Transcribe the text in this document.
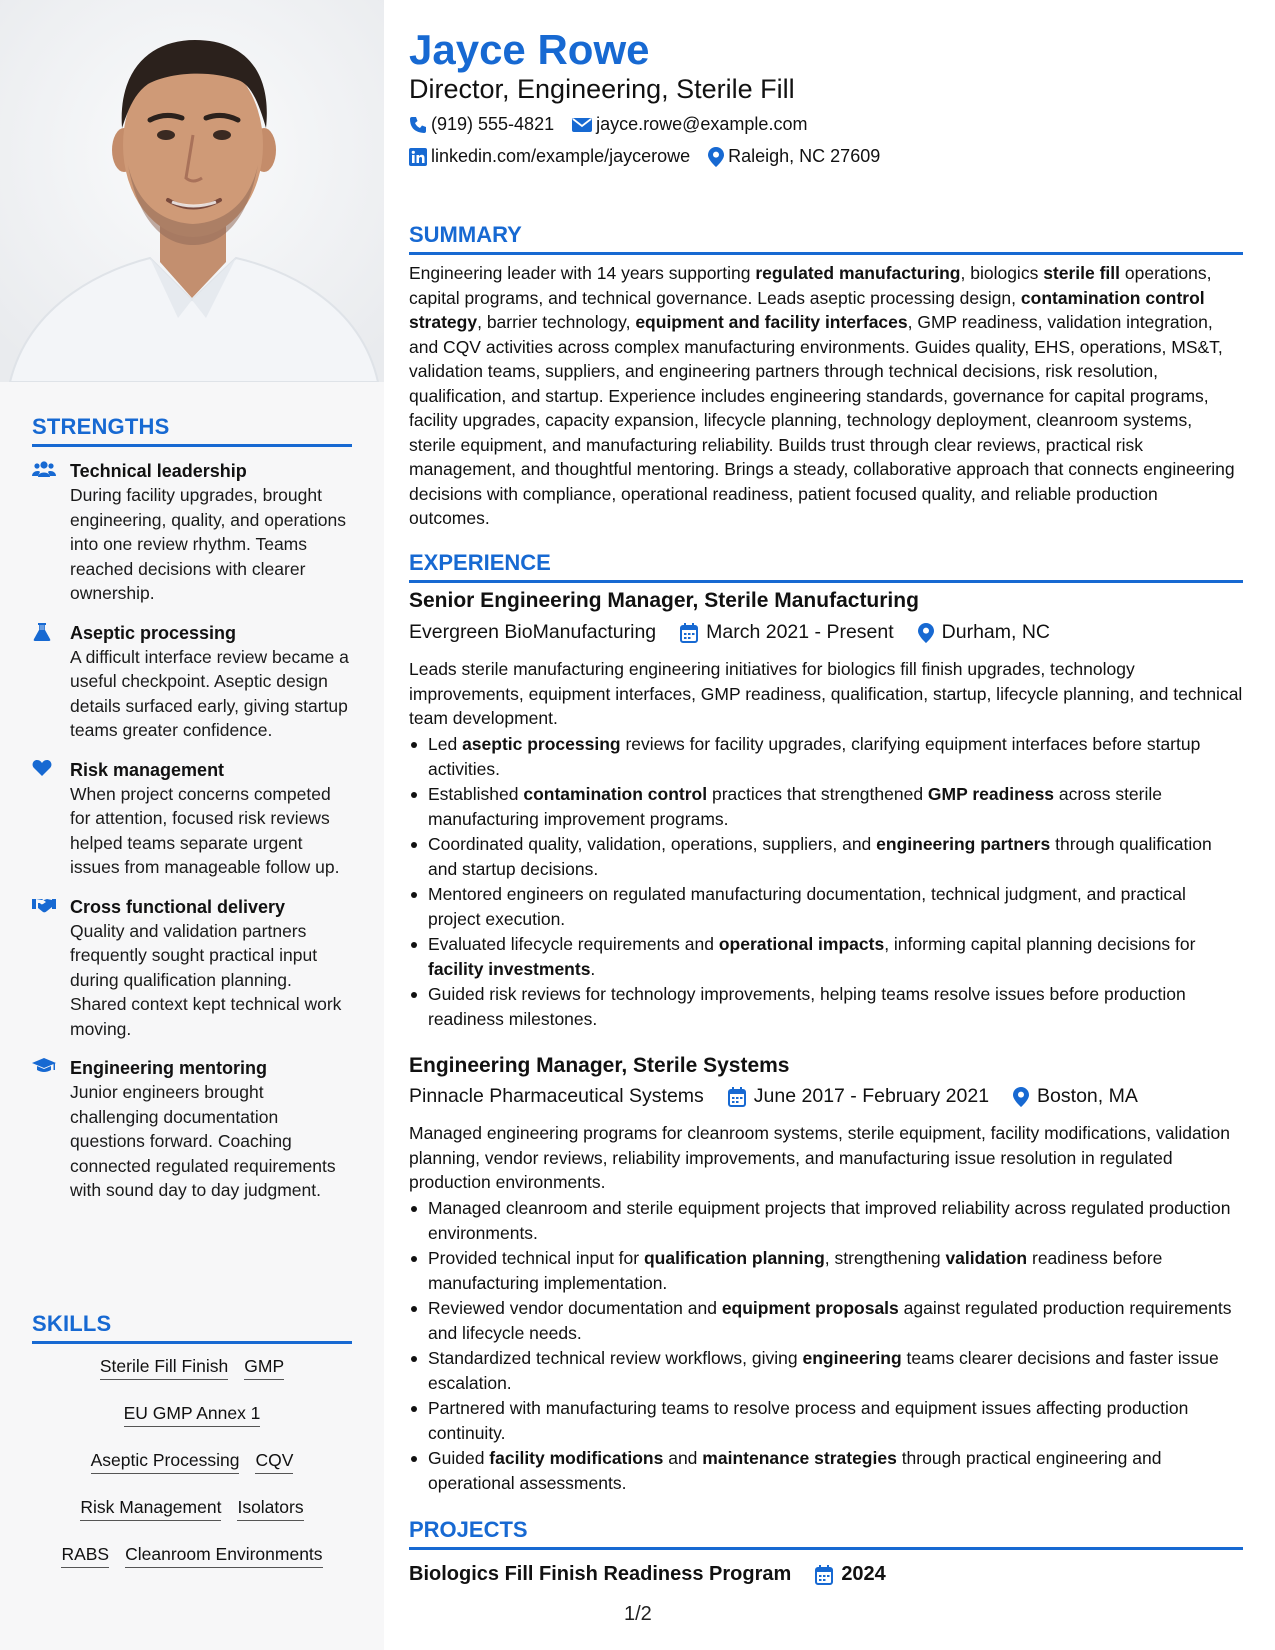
STRENGTHS
Technical leadership
During facility upgrades, brought engineering, quality, and operations into one review rhythm. Teams reached decisions with clearer ownership.
Aseptic processing
A difficult interface review became a useful checkpoint. Aseptic design details surfaced early, giving startup teams greater confidence.
Risk management
When project concerns competed for attention, focused risk reviews helped teams separate urgent issues from manageable follow up.
Cross functional delivery
Quality and validation partners frequently sought practical input during qualification planning. Shared context kept technical work moving.
Engineering mentoring
Junior engineers brought challenging documentation questions forward. Coaching connected regulated requirements with sound day to day judgment.
SKILLS
Sterile Fill Finish GMP
EU GMP Annex 1
Aseptic Processing CQV
Risk Management Isolators
RABS Cleanroom Environments
Jayce Rowe
Director, Engineering, Sterile Fill
(919) 555-4821 jayce.rowe@example.com
linkedin.com/example/jaycerowe Raleigh, NC 27609
SUMMARY
Engineering leader with 14 years supporting regulated manufacturing, biologics sterile fill operations, capital programs, and technical governance. Leads aseptic processing design, contamination control strategy, barrier technology, equipment and facility interfaces, GMP readiness, validation integration, and CQV activities across complex manufacturing environments. Guides quality, EHS, operations, MS&T, validation teams, suppliers, and engineering partners through technical decisions, risk resolution, qualification, and startup. Experience includes engineering standards, governance for capital programs, facility upgrades, capacity expansion, lifecycle planning, technology deployment, cleanroom systems, sterile equipment, and manufacturing reliability. Builds trust through clear reviews, practical risk management, and thoughtful mentoring. Brings a steady, collaborative approach that connects engineering decisions with compliance, operational readiness, patient focused quality, and reliable production outcomes.
EXPERIENCE
Senior Engineering Manager, Sterile Manufacturing
Evergreen BioManufacturing	March 2021 - Present Durham, NC
Leads sterile manufacturing engineering initiatives for biologics fill finish upgrades, technology improvements, equipment interfaces, GMP readiness, qualification, startup, lifecycle planning, and technical team development.
Led aseptic processing reviews for facility upgrades, clarifying equipment interfaces before startup activities.
Established contamination control practices that strengthened GMP readiness across sterile manufacturing improvement programs.
Coordinated quality, validation, operations, suppliers, and engineering partners through qualification and startup decisions.
Mentored engineers on regulated manufacturing documentation, technical judgment, and practical project execution.
Evaluated lifecycle requirements and operational impacts, informing capital planning decisions for facility investments.
Guided risk reviews for technology improvements, helping teams resolve issues before production readiness milestones.
Engineering Manager, Sterile Systems
Pinnacle Pharmaceutical Systems	June 2017 - February 2021 Boston, MA
Managed engineering programs for cleanroom systems, sterile equipment, facility modifications, validation planning, vendor reviews, reliability improvements, and manufacturing issue resolution in regulated production environments.
Managed cleanroom and sterile equipment projects that improved reliability across regulated production environments.
Provided technical input for qualification planning, strengthening validation readiness before manufacturing implementation.
Reviewed vendor documentation and equipment proposals against regulated production requirements and lifecycle needs.
Standardized technical review workflows, giving engineering teams clearer decisions and faster issue escalation.
Partnered with manufacturing teams to resolve process and equipment issues affecting production continuity.
Guided facility modifications and maintenance strategies through practical engineering and operational assessments.
PROJECTS
Biologics Fill Finish Readiness Program	2024
1/2
